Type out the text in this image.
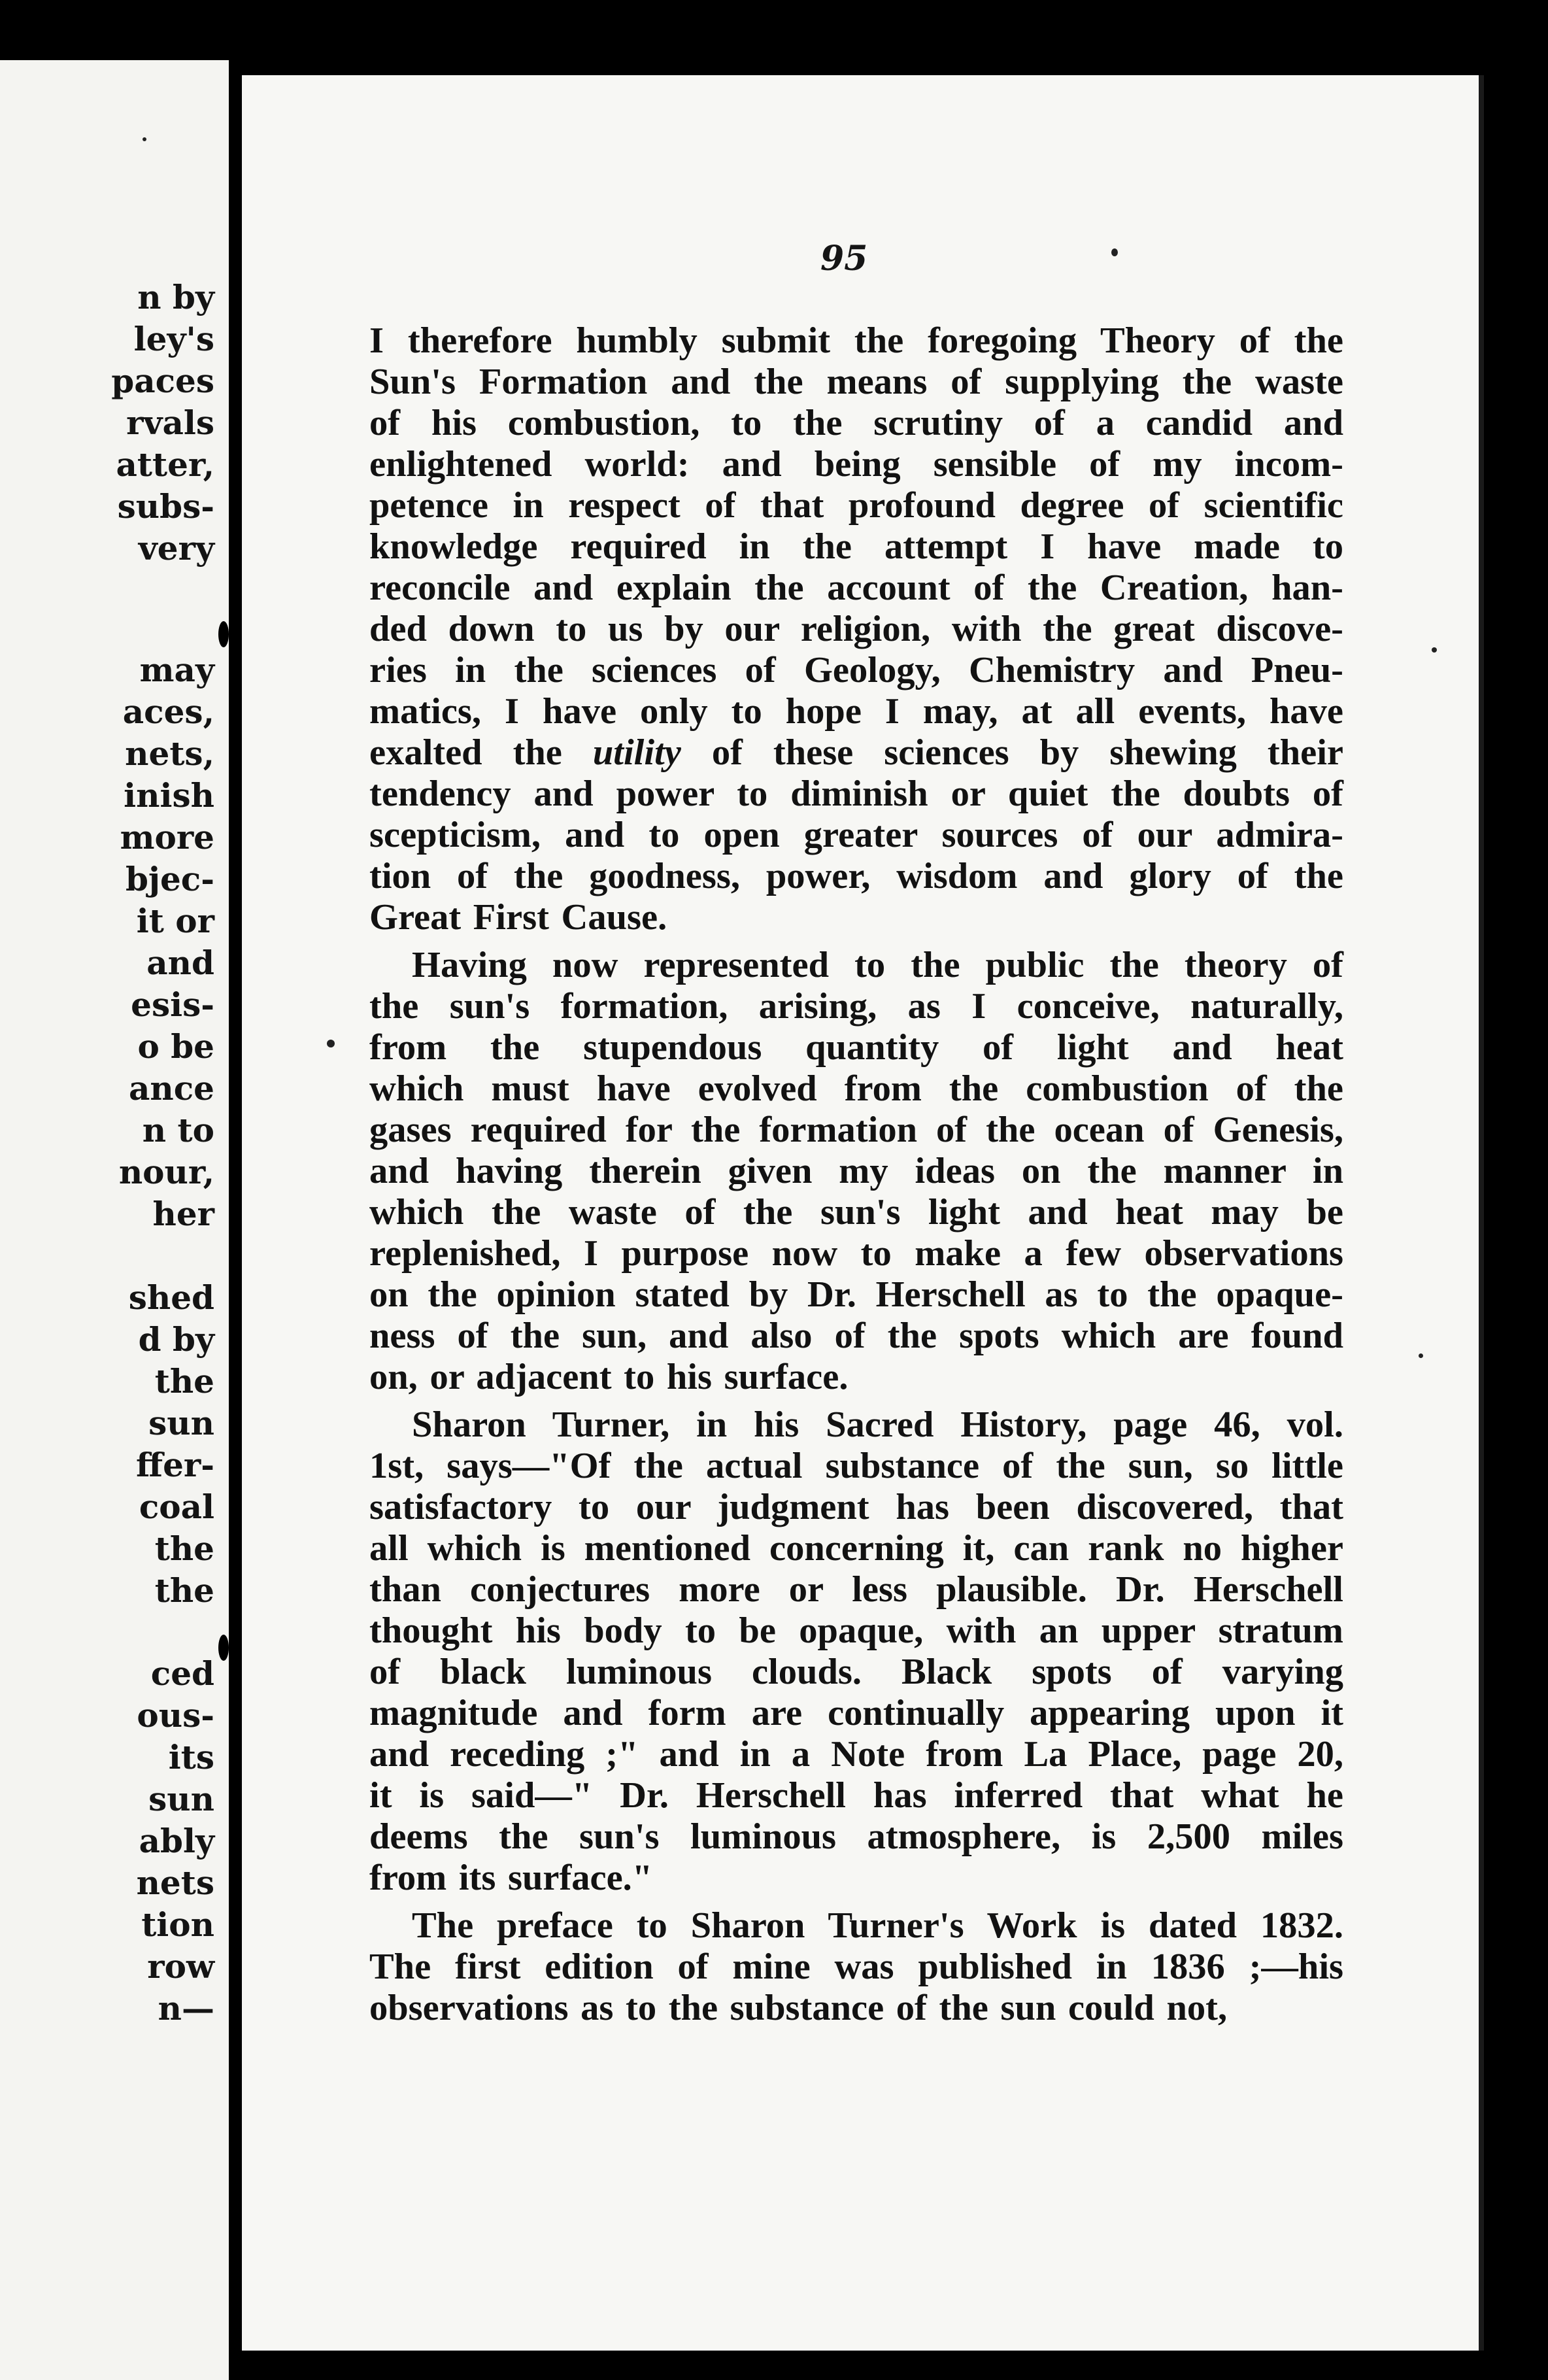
n by
ley's
paces
rvals
atter,
subs-
very
may
aces,
nets,
inish
more
bjec-
it or
and
esis-
o be
ance
n to
nour,
her
shed
d by
the
sun
ffer-
coal
the
the
ced
ous-
its
sun
ably
nets
tion
row
n—
95
I therefore humbly submit the foregoing Theory of the
Sun's Formation and the means of supplying the waste
of his combustion, to the scrutiny of a candid and
enlightened world: and being sensible of my incom-
petence in respect of that profound degree of scientific
knowledge required in the attempt I have made to
reconcile and explain the account of the Creation, han-
ded down to us by our religion, with the great discove-
ries in the sciences of Geology, Chemistry and Pneu-
matics, I have only to hope I may, at all events, have
exalted the utility of these sciences by shewing their
tendency and power to diminish or quiet the doubts of
scepticism, and to open greater sources of our admira-
tion of the goodness, power, wisdom and glory of the
Great First Cause.
Having now represented to the public the theory of
the sun's formation, arising, as I conceive, naturally,
from the stupendous quantity of light and heat
which must have evolved from the combustion of the
gases required for the formation of the ocean of Genesis,
and having therein given my ideas on the manner in
which the waste of the sun's light and heat may be
replenished, I purpose now to make a few observations
on the opinion stated by Dr. Herschell as to the opaque-
ness of the sun, and also of the spots which are found
on, or adjacent to his surface.
Sharon Turner, in his Sacred History, page 46, vol.
1st, says—"Of the actual substance of the sun, so little
satisfactory to our judgment has been discovered, that
all which is mentioned concerning it, can rank no higher
than conjectures more or less plausible. Dr. Herschell
thought his body to be opaque, with an upper stratum
of black luminous clouds. Black spots of varying
magnitude and form are continually appearing upon it
and receding ;" and in a Note from La Place, page 20,
it is said—" Dr. Herschell has inferred that what he
deems the sun's luminous atmosphere, is 2,500 miles
from its surface."
The preface to Sharon Turner's Work is dated 1832.
The first edition of mine was published in 1836 ;—his
observations as to the substance of the sun could not,
